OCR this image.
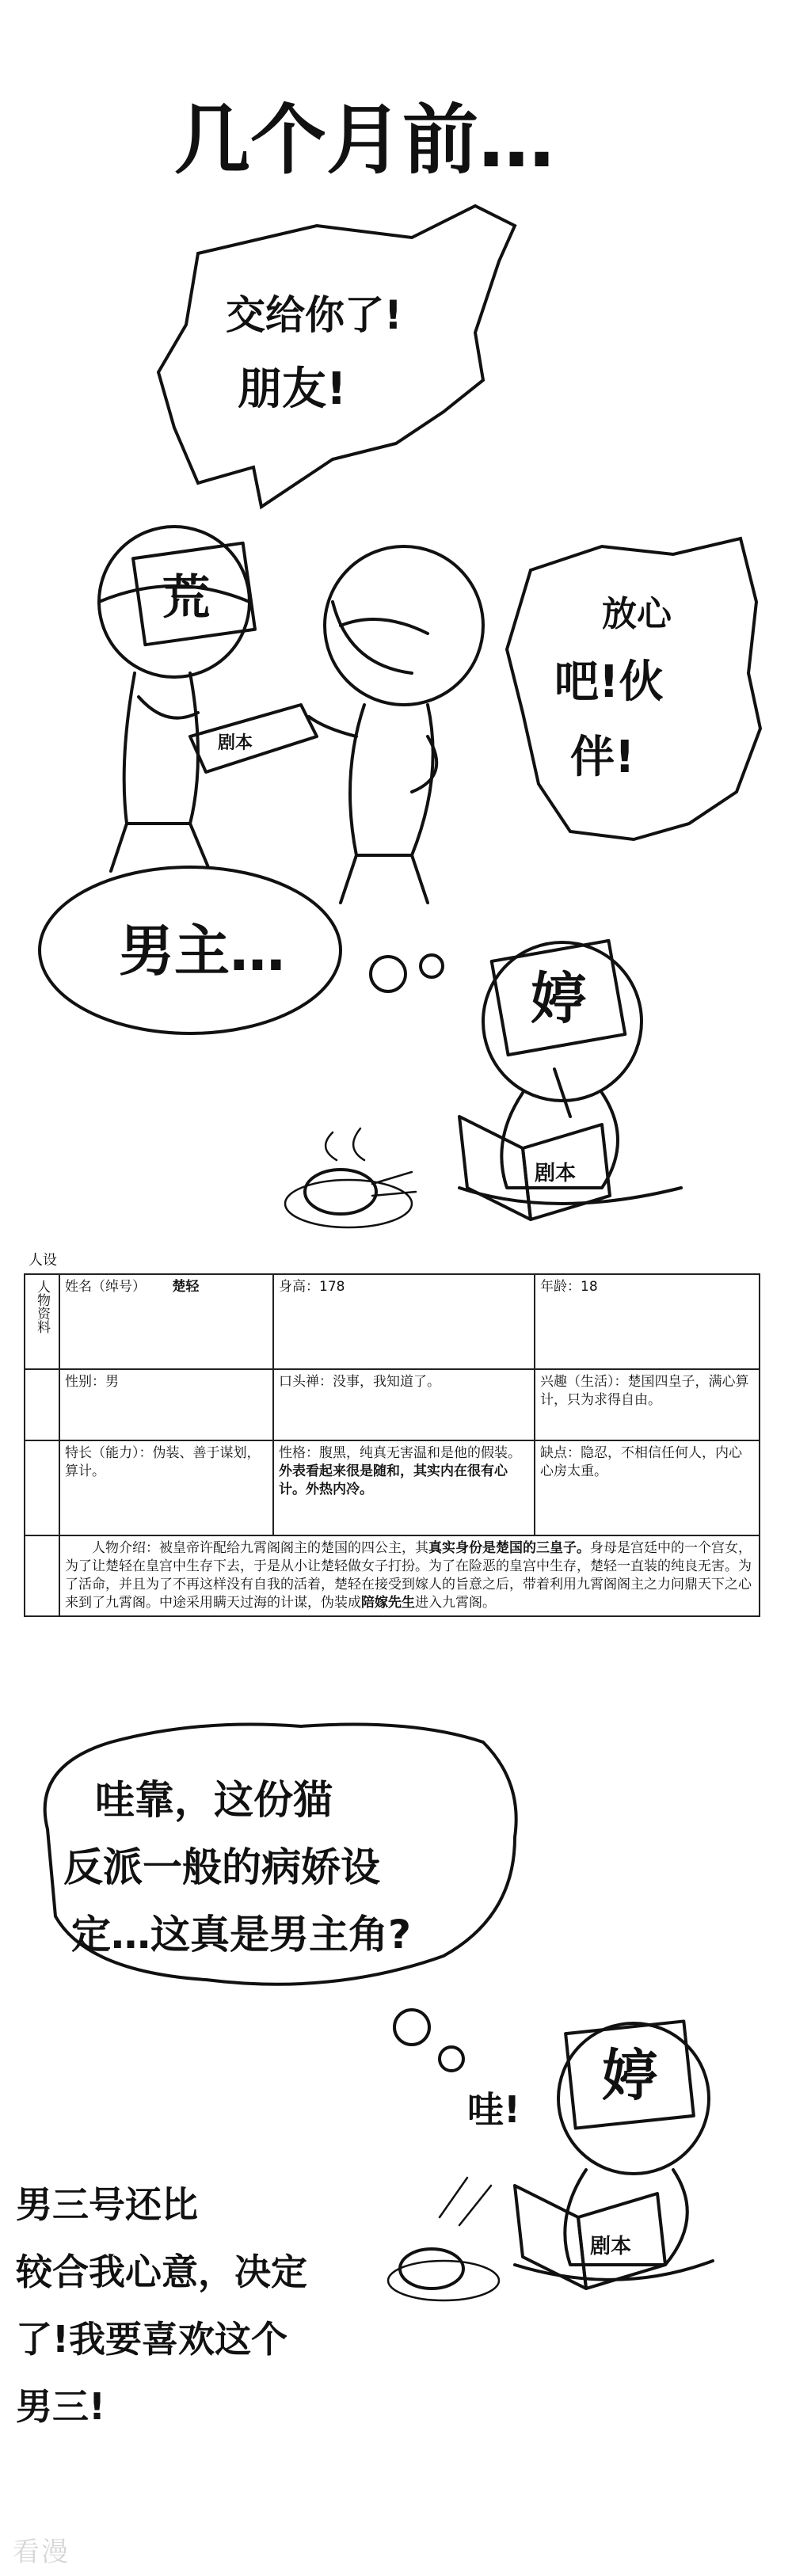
几个月前…
交给你了!
朋友!
放心
吧!伙
伴!
荒
剧本
男主…
婷
剧本
哇靠，这份猫
反派一般的病娇设
定…这真是男主角?
哇!
婷
剧本
男三号还比
较合我心意，决定
了!我要喜欢这个
男三!
人设
人物资料	姓名（绰号） 楚轻	身高：178	年龄：18
	性别：男	口头禅：没事，我知道了。	兴趣（生活）：楚国四皇子，满心算计，只为求得自由。
	特长（能力）：伪装、善于谋划，算计。	性格：腹黑，纯真无害温和是他的假装。外表看起来很是随和，其实内在很有心计。外热内冷。	缺点：隐忍，不相信任何人，内心心房太重。
	人物介绍：被皇帝许配给九霄阁阁主的楚国的四公主，其真实身份是楚国的三皇子。身母是宫廷中的一个宫女，为了让楚轻在皇宫中生存下去，于是从小让楚轻做女子打扮。为了在险恶的皇宫中生存，楚轻一直装的纯良无害。为了活命，并且为了不再这样没有自我的活着，楚轻在接受到嫁人的旨意之后，带着利用九霄阁阁主之力问鼎天下之心来到了九霄阁。中途采用瞒天过海的计谋，伪装成陪嫁先生进入九霄阁。		
看漫
